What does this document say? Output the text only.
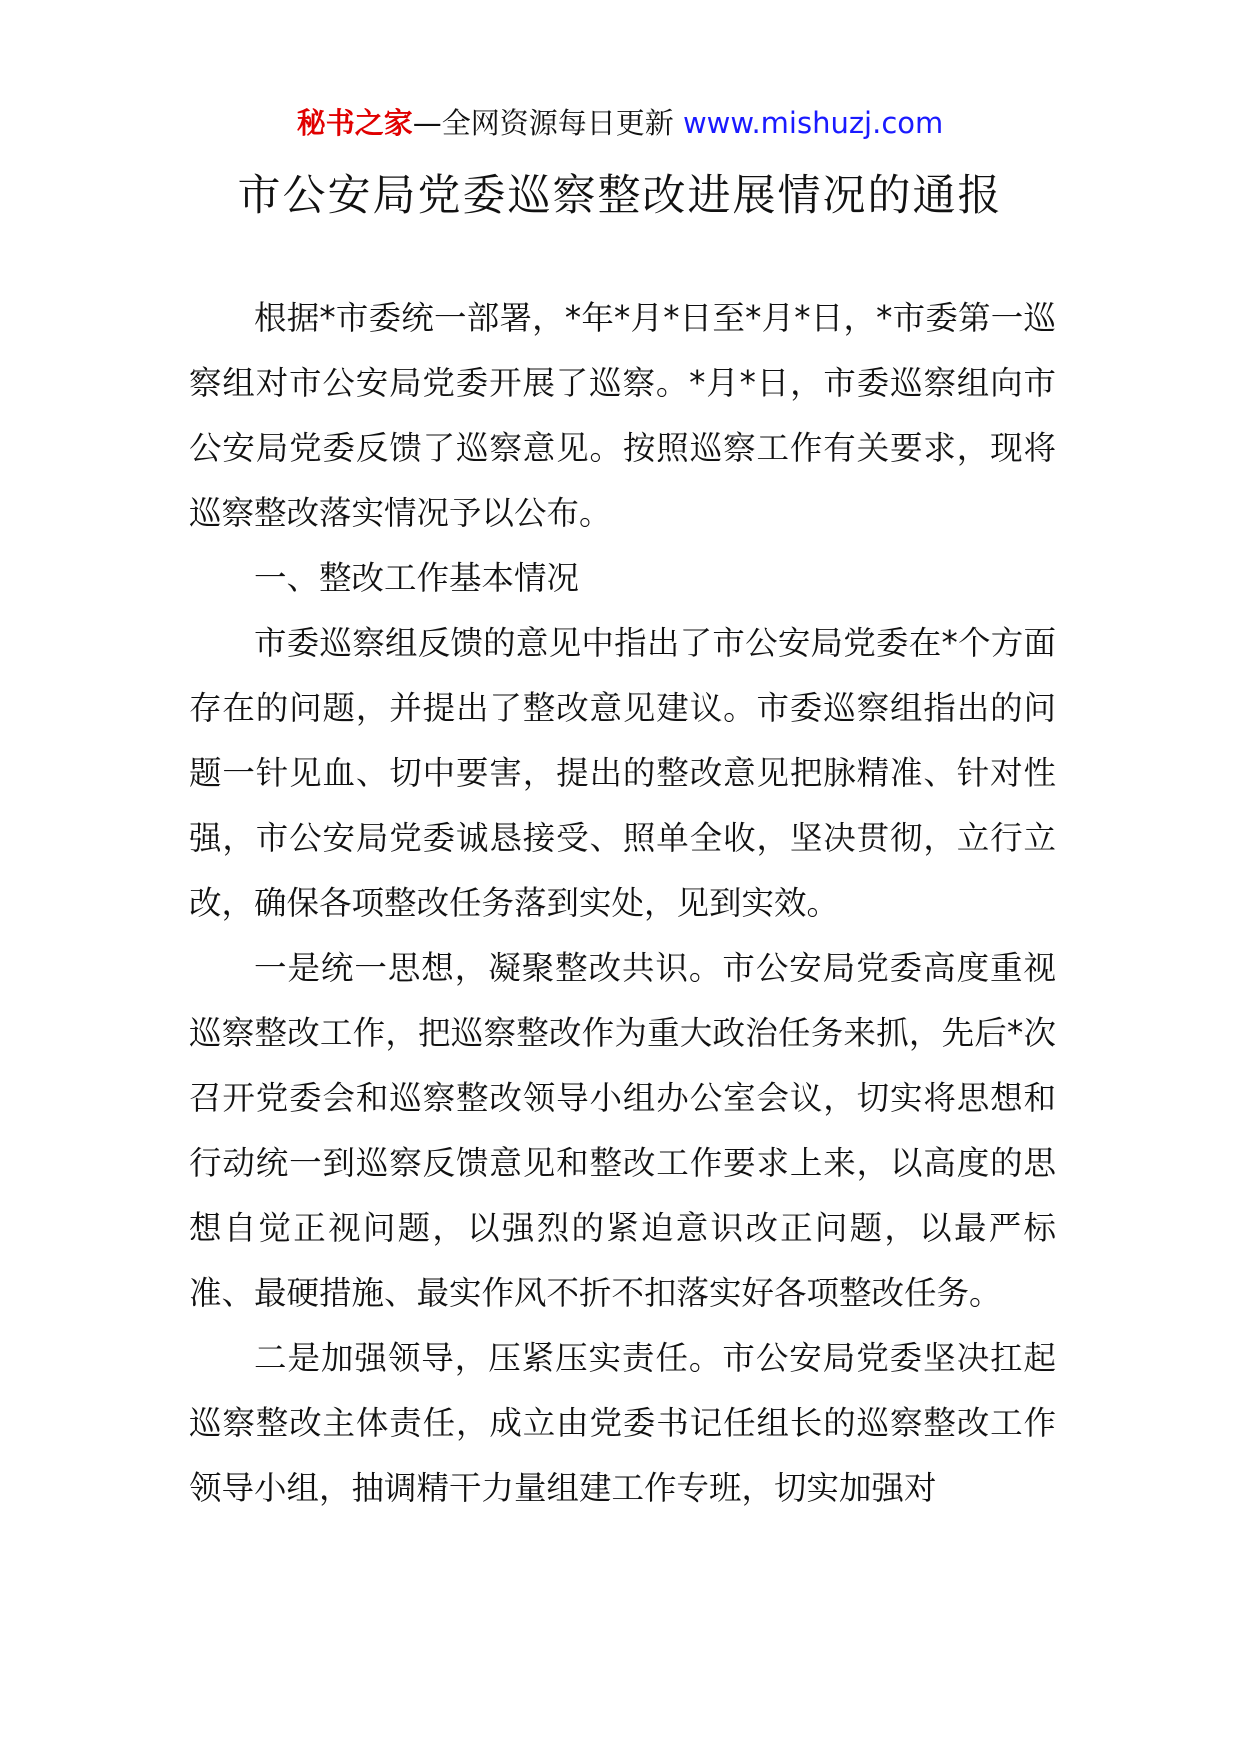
秘书之家—全网资源每日更新 www.mishuzj.com
市公安局党委巡察整改进展情况的通报

根据*市委统一部署，*年*月*日至*月*日，*市委第一巡察组对市公安局党委开展了巡察。*月*日，市委巡察组向市公安局党委反馈了巡察意见。按照巡察工作有关要求，现将巡察整改落实情况予以公布。

一、整改工作基本情况

市委巡察组反馈的意见中指出了市公安局党委在*个方面存在的问题，并提出了整改意见建议。市委巡察组指出的问题一针见血、切中要害，提出的整改意见把脉精准、针对性强，市公安局党委诚恳接受、照单全收，坚决贯彻，立行立改，确保各项整改任务落到实处，见到实效。

一是统一思想，凝聚整改共识。市公安局党委高度重视巡察整改工作，把巡察整改作为重大政治任务来抓，先后*次召开党委会和巡察整改领导小组办公室会议，切实将思想和行动统一到巡察反馈意见和整改工作要求上来，以高度的思想自觉正视问题，以强烈的紧迫意识改正问题，以最严标准、最硬措施、最实作风不折不扣落实好各项整改任务。

二是加强领导，压紧压实责任。市公安局党委坚决扛起巡察整改主体责任，成立由党委书记任组长的巡察整改工作领导小组，抽调精干力量组建工作专班，切实加强对
